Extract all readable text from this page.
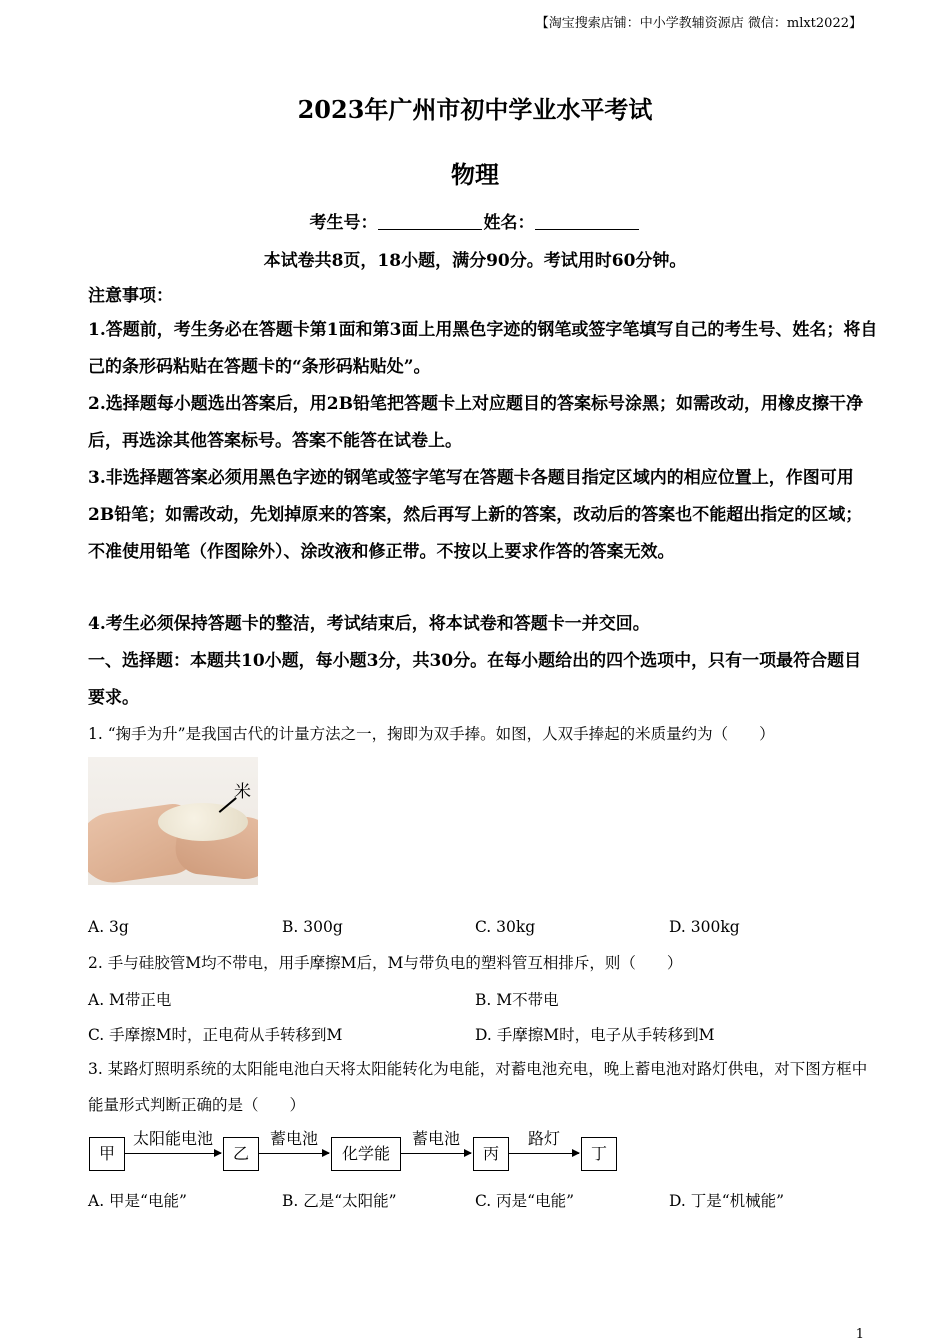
【淘宝搜索店铺：中小学教辅资源店 微信：mlxt2022】
2023年广州市初中学业水平考试
物理
考生号：	姓名：
本试卷共8页，18小题，满分90分。考试用时60分钟。
注意事项：
1.答题前，考生务必在答题卡第1面和第3面上用黑色字迹的钢笔或签字笔填写自己的考生号、姓名；将自己的条形码粘贴在答题卡的“条形码粘贴处”。
2.选择题每小题选出答案后，用2B铅笔把答题卡上对应题目的答案标号涂黑；如需改动，用橡皮擦干净后，再选涂其他答案标号。答案不能答在试卷上。
3.非选择题答案必须用黑色字迹的钢笔或签字笔写在答题卡各题目指定区域内的相应位置上，作图可用2B铅笔；如需改动，先划掉原来的答案，然后再写上新的答案，改动后的答案也不能超出指定的区域；不准使用铅笔（作图除外）、涂改液和修正带。不按以上要求作答的答案无效。
4.考生必须保持答题卡的整洁，考试结束后，将本试卷和答题卡一并交回。
一、选择题：本题共10小题，每小题3分，共30分。在每小题给出的四个选项中，只有一项最符合题目要求。
1. “掬手为升”是我国古代的计量方法之一，掬即为双手捧。如图，人双手捧起的米质量约为（　　）
米
A. 3g	B. 300g	C. 30kg	D. 300kg
2. 手与硅胶管M均不带电，用手摩擦M后，M与带负电的塑料管互相排斥，则（　　）
A. M带正电	B. M不带电
C. 手摩擦M时，正电荷从手转移到M	D. 手摩擦M时，电子从手转移到M
3. 某路灯照明系统的太阳能电池白天将太阳能转化为电能，对蓄电池充电，晚上蓄电池对路灯供电，对下图方框中能量形式判断正确的是（　　）
甲
太阳能电池
乙
蓄电池
化学能
蓄电池
丙
路灯
丁
A. 甲是“电能”	B. 乙是“太阳能”	C. 丙是“电能”	D. 丁是“机械能”
1
